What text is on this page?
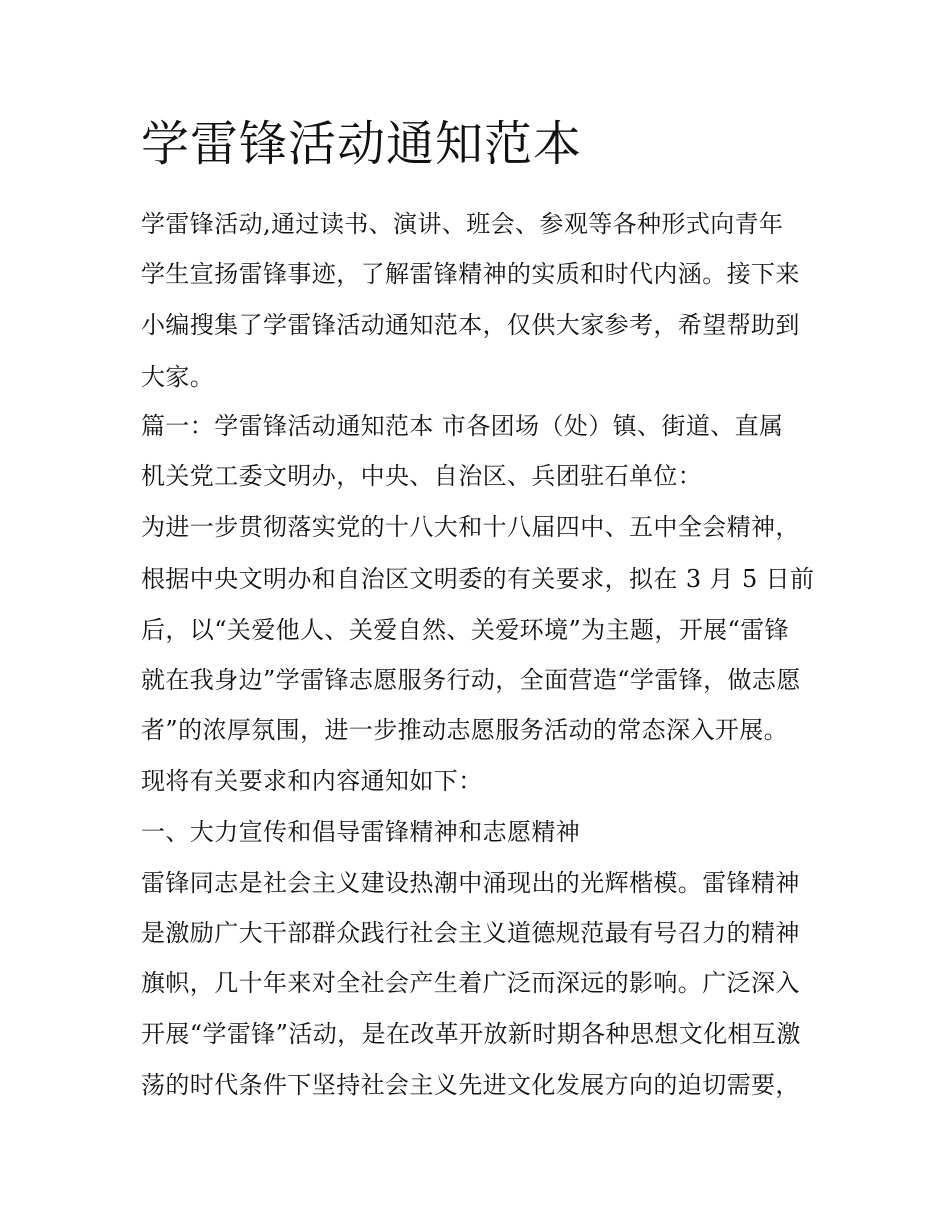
学雷锋活动通知范本

学雷锋活动,通过读书、演讲、班会、参观等各种形式向青年

学生宣扬雷锋事迹，了解雷锋精神的实质和时代内涵。接下来

小编搜集了学雷锋活动通知范本，仅供大家参考，希望帮助到

大家。

篇一：学雷锋活动通知范本 市各团场（处）镇、街道、直属

机关党工委文明办，中央、自治区、兵团驻石单位：

为进一步贯彻落实党的十八大和十八届四中、五中全会精神，

根据中央文明办和自治区文明委的有关要求，拟在 3 月 5 日前

后，以“关爱他人、关爱自然、关爱环境”为主题，开展“雷锋

就在我身边”学雷锋志愿服务行动，全面营造“学雷锋，做志愿

者”的浓厚氛围，进一步推动志愿服务活动的常态深入开展。

现将有关要求和内容通知如下：

一、大力宣传和倡导雷锋精神和志愿精神

雷锋同志是社会主义建设热潮中涌现出的光辉楷模。雷锋精神

是激励广大干部群众践行社会主义道德规范最有号召力的精神

旗帜，几十年来对全社会产生着广泛而深远的影响。广泛深入

开展“学雷锋”活动，是在改革开放新时期各种思想文化相互激

荡的时代条件下坚持社会主义先进文化发展方向的迫切需要，
